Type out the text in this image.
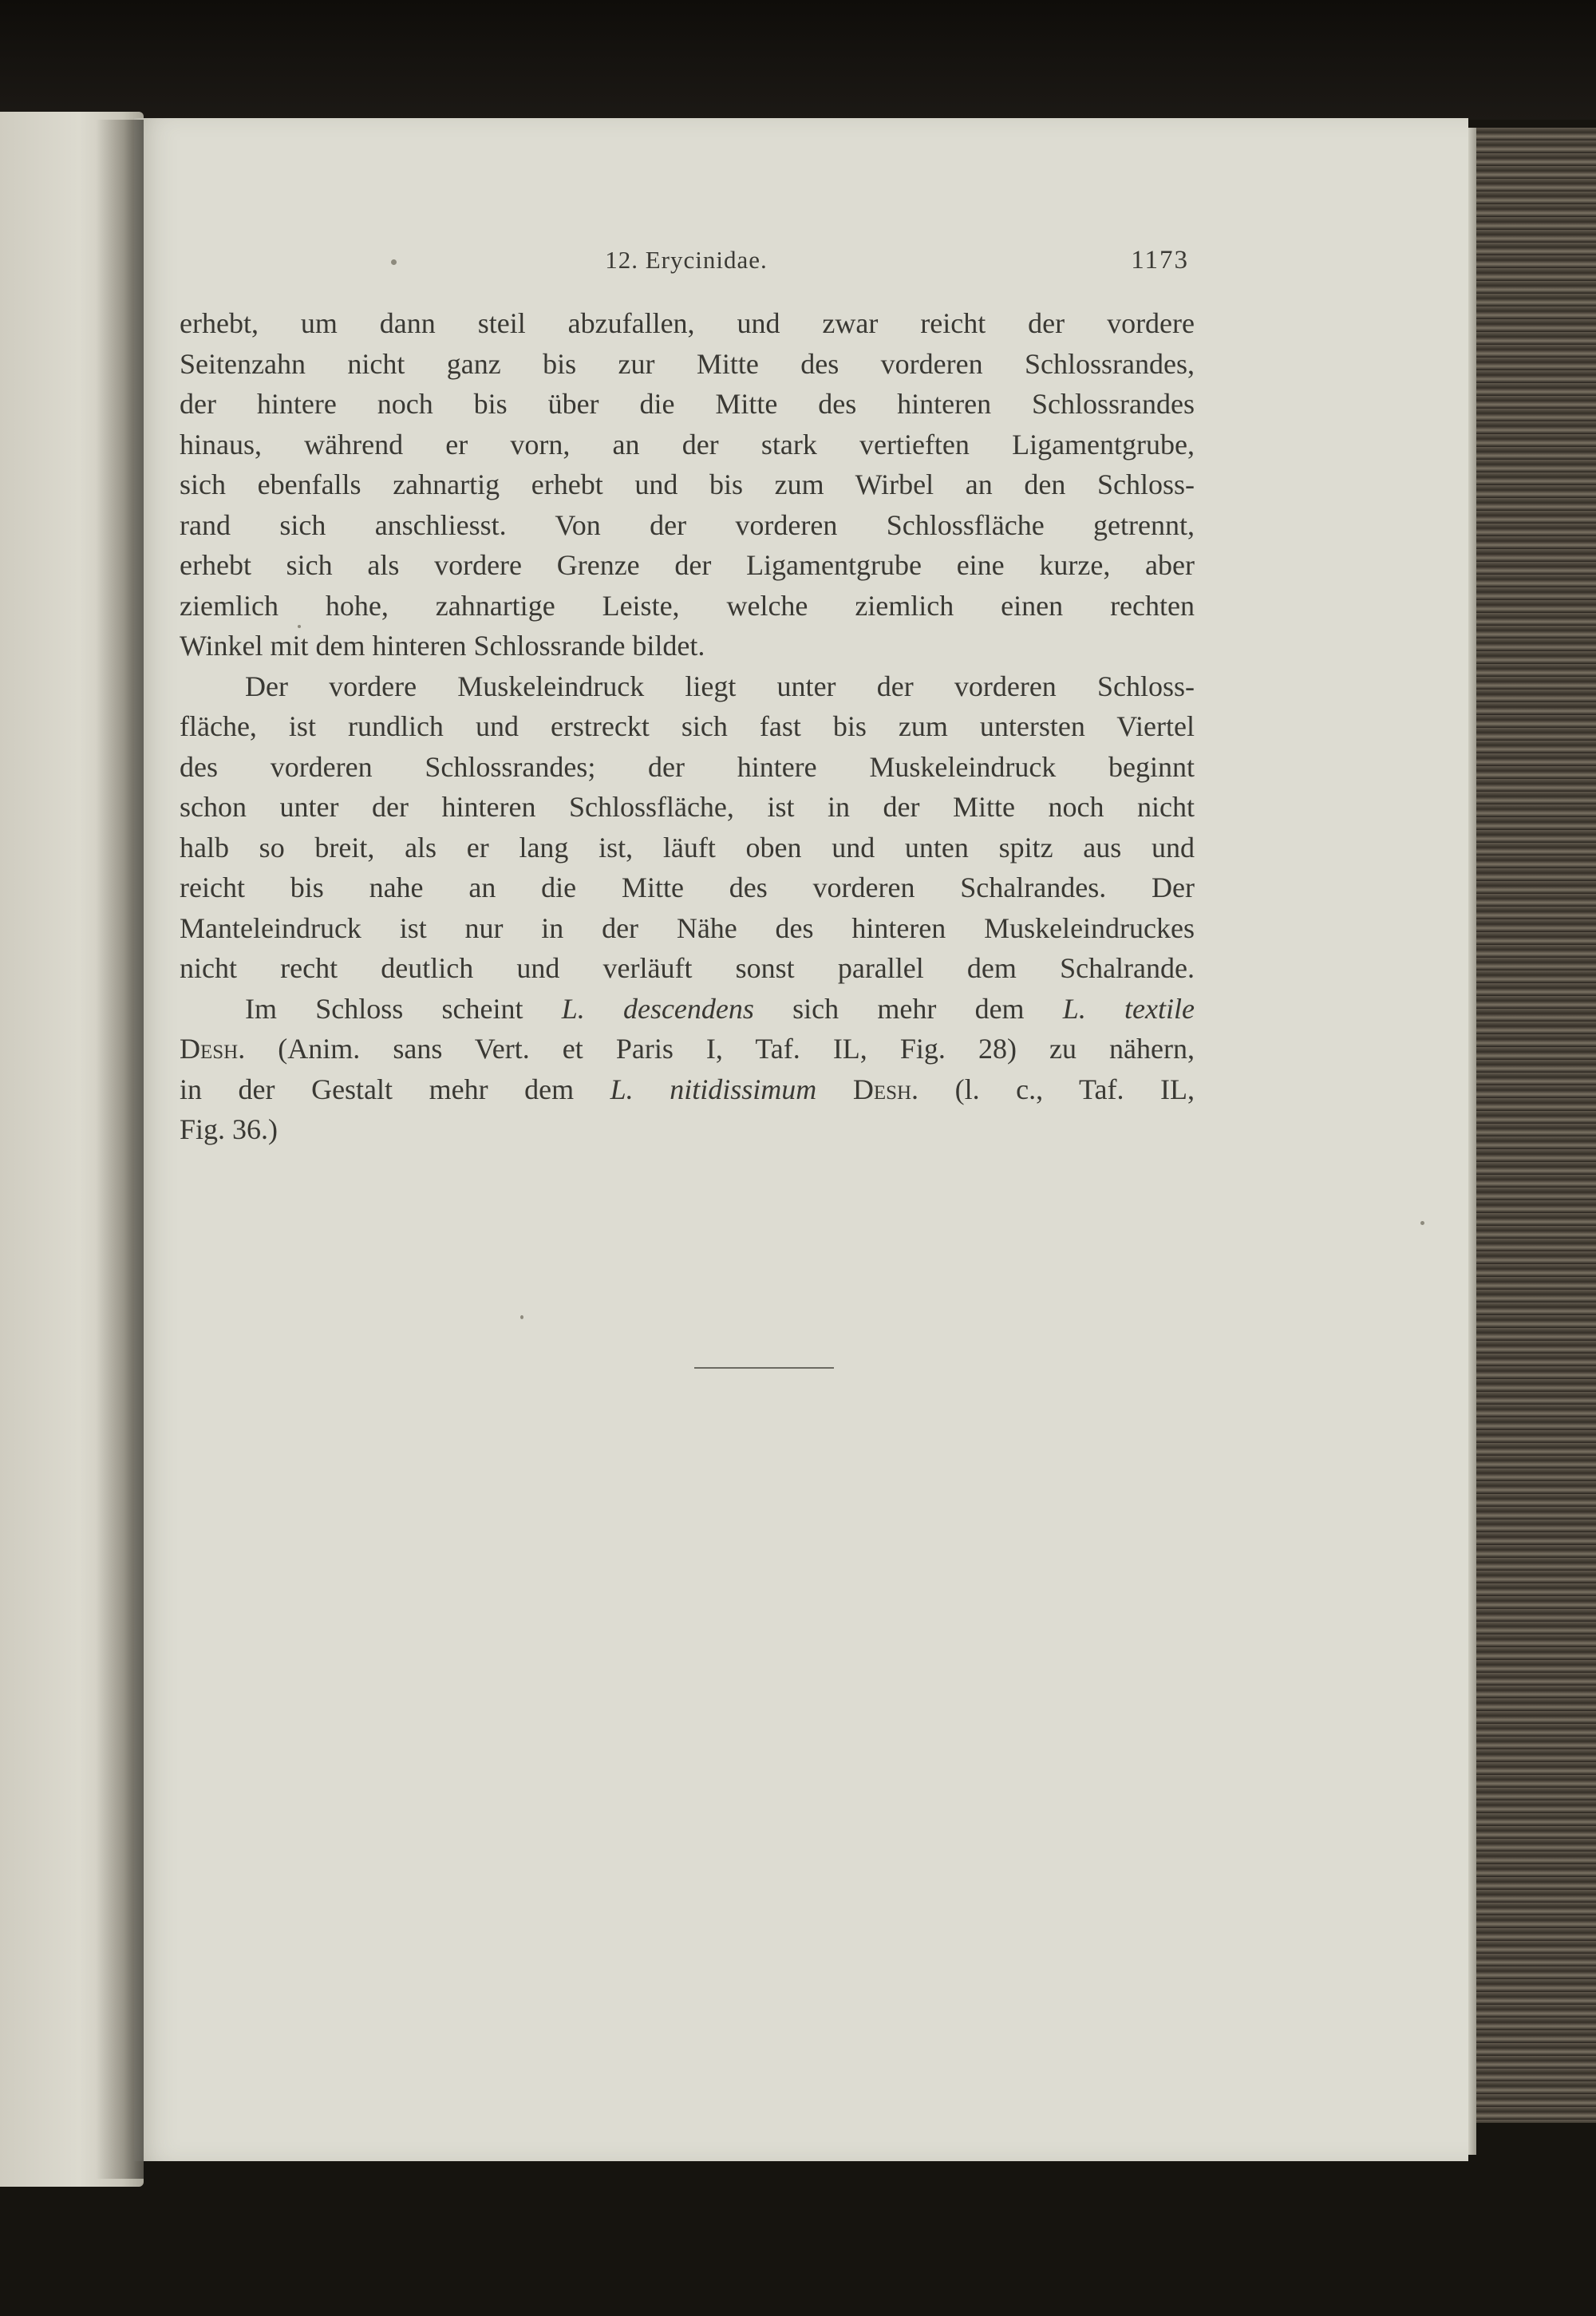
12. Erycinidae.	1173

erhebt, um dann steil abzufallen, und zwar reicht der vordere
Seitenzahn nicht ganz bis zur Mitte des vorderen Schlossrandes,
der hintere noch bis über die Mitte des hinteren Schlossrandes
hinaus, während er vorn, an der stark vertieften Ligamentgrube,
sich ebenfalls zahnartig erhebt und bis zum Wirbel an den Schloss-
rand sich anschliesst. Von der vorderen Schlossfläche getrennt,
erhebt sich als vordere Grenze der Ligamentgrube eine kurze, aber
ziemlich hohe, zahnartige Leiste, welche ziemlich einen rechten
Winkel mit dem hinteren Schlossrande bildet.

Der vordere Muskeleindruck liegt unter der vorderen Schloss-
fläche, ist rundlich und erstreckt sich fast bis zum untersten Viertel
des vorderen Schlossrandes; der hintere Muskeleindruck beginnt
schon unter der hinteren Schlossfläche, ist in der Mitte noch nicht
halb so breit, als er lang ist, läuft oben und unten spitz aus und
reicht bis nahe an die Mitte des vorderen Schalrandes. Der
Manteleindruck ist nur in der Nähe des hinteren Muskeleindruckes
nicht recht deutlich und verläuft sonst parallel dem Schalrande.

Im Schloss scheint L. descendens sich mehr dem L. textile
Desh. (Anim. sans Vert. et Paris I, Taf. IL, Fig. 28) zu nähern,
in der Gestalt mehr dem L. nitidissimum Desh. (l. c., Taf. IL,
Fig. 36.)
